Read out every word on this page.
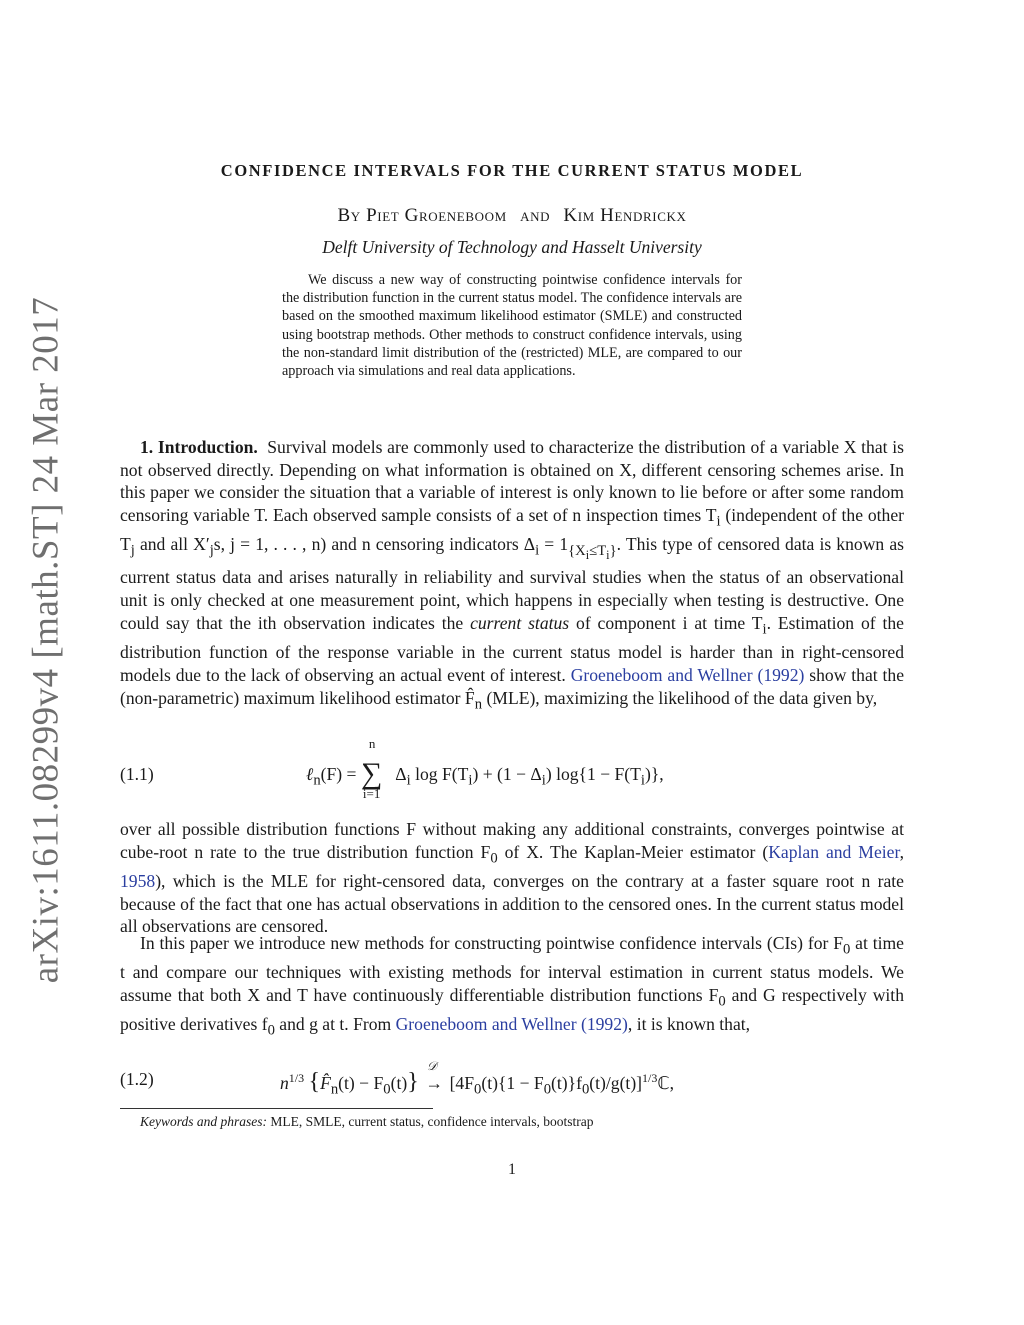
arXiv:1611.08299v4 [math.ST] 24 Mar 2017
CONFIDENCE INTERVALS FOR THE CURRENT STATUS MODEL
By Piet Groeneboom and Kim Hendrickx
Delft University of Technology and Hasselt University
We discuss a new way of constructing pointwise confidence intervals for the distribution function in the current status model. The confidence intervals are based on the smoothed maximum likelihood estimator (SMLE) and constructed using bootstrap methods. Other methods to construct confidence intervals, using the non-standard limit distribution of the (restricted) MLE, are compared to our approach via simulations and real data applications.

1. Introduction. Survival models are commonly used to characterize the distribution of a variable X that is not observed directly. Depending on what information is obtained on X, different censoring schemes arise. In this paper we consider the situation that a variable of interest is only known to lie before or after some random censoring variable T. Each observed sample consists of a set of n inspection times $T_i$ (independent of the other $T_j$ and all $X'_js$, j = 1, . . . , n) and n censoring indicators $\Delta_i = 1_{\{X_i\le T_i\}}$. This type of censored data is known as current status data and arises naturally in reliability and survival studies when the status of an observational unit is only checked at one measurement point, which happens in especially when testing is destructive. One could say that the ith observation indicates the current status of component i at time $T_i$. Estimation of the distribution function of the response variable in the current status model is harder than in right-censored models due to the lack of observing an actual event of interest. Groeneboom and Wellner (1992) show that the (non-parametric) maximum likelihood estimator $F̂_n$ (MLE), maximizing the likelihood of the data given by,

(1.1)	ℓ$_n$(F) =
n
∑
i=1
$\Delta_i$ $\log F(T_i) + (1 - \Delta_i) \log\{1 - F(T_i)\}$,

over all possible distribution functions F without making any additional constraints, converges pointwise at cube-root n rate to the true distribution function $F_0$ of X. The Kaplan-Meier estimator (Kaplan and Meier, 1958), which is the MLE for right-censored data, converges on the contrary at a faster square root n rate because of the fact that one has actual observations in addition to the censored ones. In the current status model all observations are censored.

In this paper we introduce new methods for constructing pointwise confidence intervals (CIs) for $F_0$ at time t and compare our techniques with existing methods for interval estimation in current status models. We assume that both X and T have continuously differentiable distribution functions $F_0$ and G respectively with positive derivatives $f_0$ and g at t. From Groeneboom and Wellner (1992), it is known that,

(1.2)	$n^{1/3}$ $\{F̂_n(t) - F_0(t)\}$
𝒟
→ [$4F_0(t)\{1$ − $F_0(t)\}f_0(t)/g(t)]^{1/3}ℂ$,
Keywords and phrases: MLE, SMLE, current status, confidence intervals, bootstrap
1
